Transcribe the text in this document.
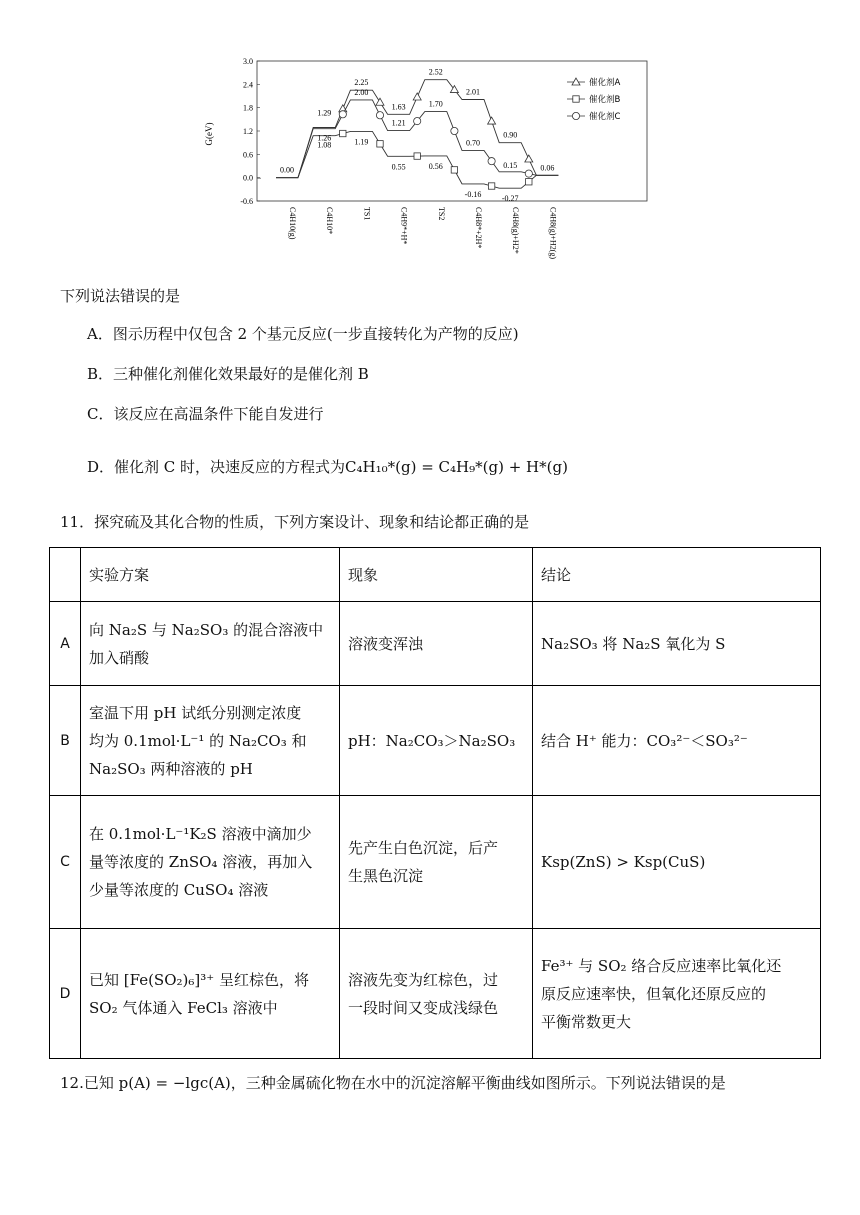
G(eV)
3.0
2.4
1.8
1.2
0.6
0.0
-0.6
C4H10(g)	C4H10*	TS1	C4H9*+H*	TS2	C4H8*+2H*	C4H8(g)+H2*	C4H8(g)+H2(g)
0.00
1.29
2.25
1.63
2.52
2.01
0.90
0.06
1.08	1.19
0.55	0.56
-0.16	-0.27
1.26
2.00
1.21
1.70
0.70
0.15
催化剂A
催化剂B
催化剂C
下列说法错误的是
A．图示历程中仅包含 2 个基元反应(一步直接转化为产物的反应)
B．三种催化剂催化效果最好的是催化剂 B
C．该反应在高温条件下能自发进行
D．催化剂 C 时，决速反应的方程式为C₄H₁₀*(g) = C₄H₉*(g) + H*(g)
11．探究硫及其化合物的性质，下列方案设计、现象和结论都正确的是
	实验方案	现象	结论
A	向 Na₂S 与 Na₂SO₃ 的混合溶液中
加入硝酸	溶液变浑浊	Na₂SO₃ 将 Na₂S 氧化为 S
B	室温下用 pH 试纸分别测定浓度
均为 0.1mol·L⁻¹ 的 Na₂CO₃ 和
Na₂SO₃ 两种溶液的 pH	pH：Na₂CO₃＞Na₂SO₃	结合 H⁺ 能力：CO₃²⁻＜SO₃²⁻
C	在 0.1mol·L⁻¹K₂S 溶液中滴加少
量等浓度的 ZnSO₄ 溶液，再加入
少量等浓度的 CuSO₄ 溶液	先产生白色沉淀，后产
生黑色沉淀	Ksp(ZnS) > Ksp(CuS)
D	已知 [Fe(SO₂)₆]³⁺ 呈红棕色，将
SO₂ 气体通入 FeCl₃ 溶液中	溶液先变为红棕色，过
一段时间又变成浅绿色	Fe³⁺ 与 SO₂ 络合反应速率比氧化还
原反应速率快，但氧化还原反应的
平衡常数更大
12.已知 p(A) = −lgc(A)，三种金属硫化物在水中的沉淀溶解平衡曲线如图所示。下列说法错误的是
